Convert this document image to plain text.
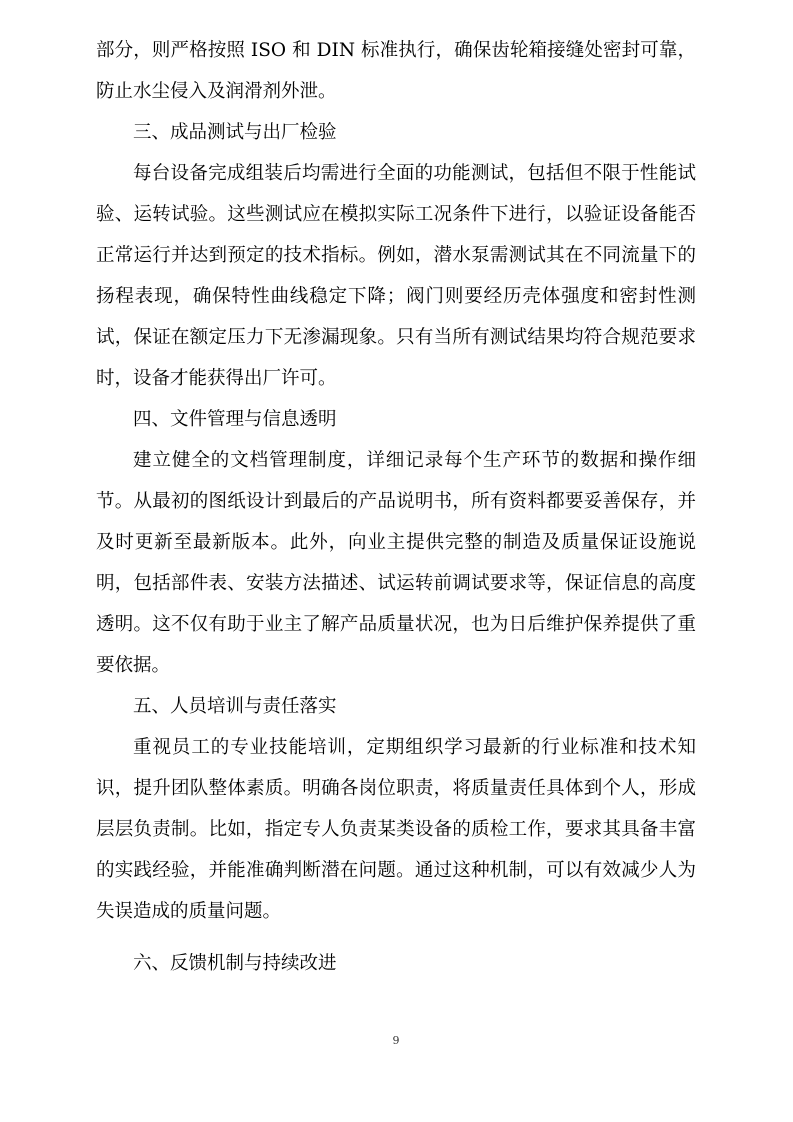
部分，则严格按照 ISO 和 DIN 标准执行，确保齿轮箱接缝处密封可靠，
防止水尘侵入及润滑剂外泄。
三、成品测试与出厂检验
每台设备完成组装后均需进行全面的功能测试，包括但不限于性能试
验、运转试验。这些测试应在模拟实际工况条件下进行，以验证设备能否
正常运行并达到预定的技术指标。例如，潜水泵需测试其在不同流量下的
扬程表现，确保特性曲线稳定下降；阀门则要经历壳体强度和密封性测
试，保证在额定压力下无渗漏现象。只有当所有测试结果均符合规范要求
时，设备才能获得出厂许可。
四、文件管理与信息透明
建立健全的文档管理制度，详细记录每个生产环节的数据和操作细
节。从最初的图纸设计到最后的产品说明书，所有资料都要妥善保存，并
及时更新至最新版本。此外，向业主提供完整的制造及质量保证设施说
明，包括部件表、安装方法描述、试运转前调试要求等，保证信息的高度
透明。这不仅有助于业主了解产品质量状况，也为日后维护保养提供了重
要依据。
五、人员培训与责任落实
重视员工的专业技能培训，定期组织学习最新的行业标准和技术知
识，提升团队整体素质。明确各岗位职责，将质量责任具体到个人，形成
层层负责制。比如，指定专人负责某类设备的质检工作，要求其具备丰富
的实践经验，并能准确判断潜在问题。通过这种机制，可以有效减少人为
失误造成的质量问题。
六、反馈机制与持续改进
9
